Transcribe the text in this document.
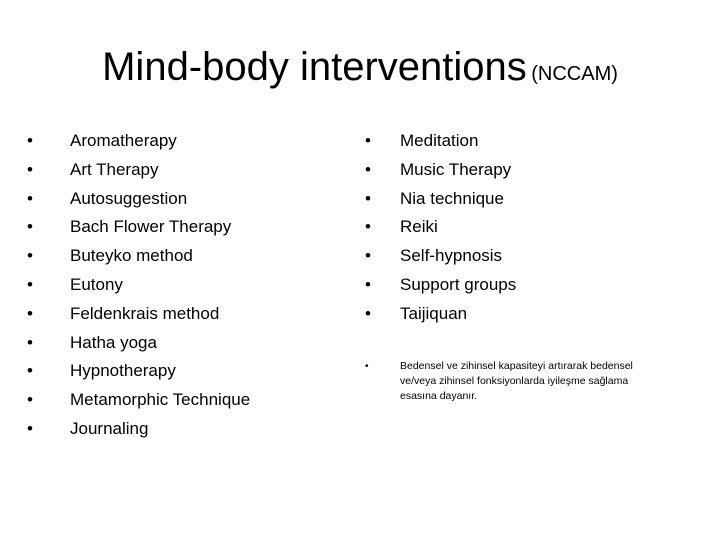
Mind-body interventions (NCCAM)
• Aromatherapy
• Art Therapy
• Autosuggestion
• Bach Flower Therapy
• Buteyko method
• Eutony
• Feldenkrais method
• Hatha yoga
• Hypnotherapy
• Metamorphic Technique
• Journaling
• Meditation
• Music Therapy
• Nia technique
• Reiki
• Self-hypnosis
• Support groups
• Taijiquan
•	Bedensel ve zihinsel kapasiteyi artırarak bedensel ve/veya zihinsel fonksiyonlarda iyileşme sağlama esasına dayanır.
